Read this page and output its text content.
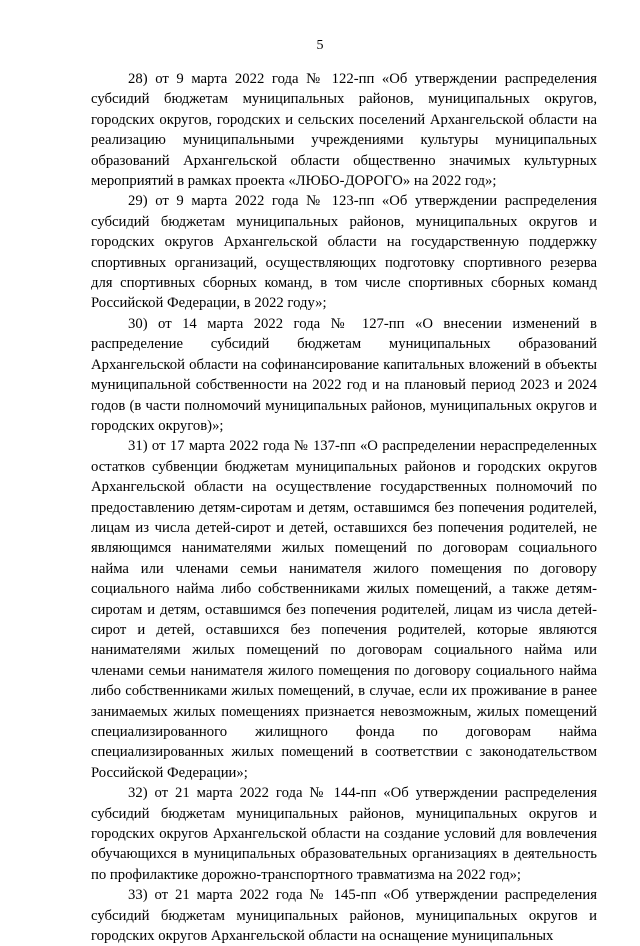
5

28) от 9 марта 2022 года № 122-пп «Об утверждении распределения субсидий бюджетам муниципальных районов, муниципальных округов, городских округов, городских и сельских поселений Архангельской области на реализацию муниципальными учреждениями культуры муниципальных образований Архангельской области общественно значимых культурных мероприятий в рамках проекта «ЛЮБО-ДОРОГО» на 2022 год»;

29) от 9 марта 2022 года № 123-пп «Об утверждении распределения субсидий бюджетам муниципальных районов, муниципальных округов и городских округов Архангельской области на государственную поддержку спортивных организаций, осуществляющих подготовку спортивного резерва для спортивных сборных команд, в том числе спортивных сборных команд Российской Федерации, в 2022 году»;

30) от 14 марта 2022 года № 127-пп «О внесении изменений в распределение субсидий бюджетам муниципальных образований Архангельской области на софинансирование капитальных вложений в объекты муниципальной собственности на 2022 год и на плановый период 2023 и 2024 годов (в части полномочий муниципальных районов, муниципальных округов и городских округов)»;

31) от 17 марта 2022 года № 137-пп «О распределении нераспределенных остатков субвенции бюджетам муниципальных районов и городских округов Архангельской области на осуществление государственных полномочий по предоставлению детям-сиротам и детям, оставшимся без попечения родителей, лицам из числа детей-сирот и детей, оставшихся без попечения родителей, не являющимся нанимателями жилых помещений по договорам социального найма или членами семьи нанимателя жилого помещения по договору социального найма либо собственниками жилых помещений, а также детям-сиротам и детям, оставшимся без попечения родителей, лицам из числа детей-сирот и детей, оставшихся без попечения родителей, которые являются нанимателями жилых помещений по договорам социального найма или членами семьи нанимателя жилого помещения по договору социального найма либо собственниками жилых помещений, в случае, если их проживание в ранее занимаемых жилых помещениях признается невозможным, жилых помещений специализированного жилищного фонда по договорам найма специализированных жилых помещений в соответствии с законодательством Российской Федерации»;

32) от 21 марта 2022 года № 144-пп «Об утверждении распределения субсидий бюджетам муниципальных районов, муниципальных округов и городских округов Архангельской области на создание условий для вовлечения обучающихся в муниципальных образовательных организациях в деятельность по профилактике дорожно-транспортного травматизма на 2022 год»;

33) от 21 марта 2022 года № 145-пп «Об утверждении распределения субсидий бюджетам муниципальных районов, муниципальных округов и городских округов Архангельской области на оснащение муниципальных
